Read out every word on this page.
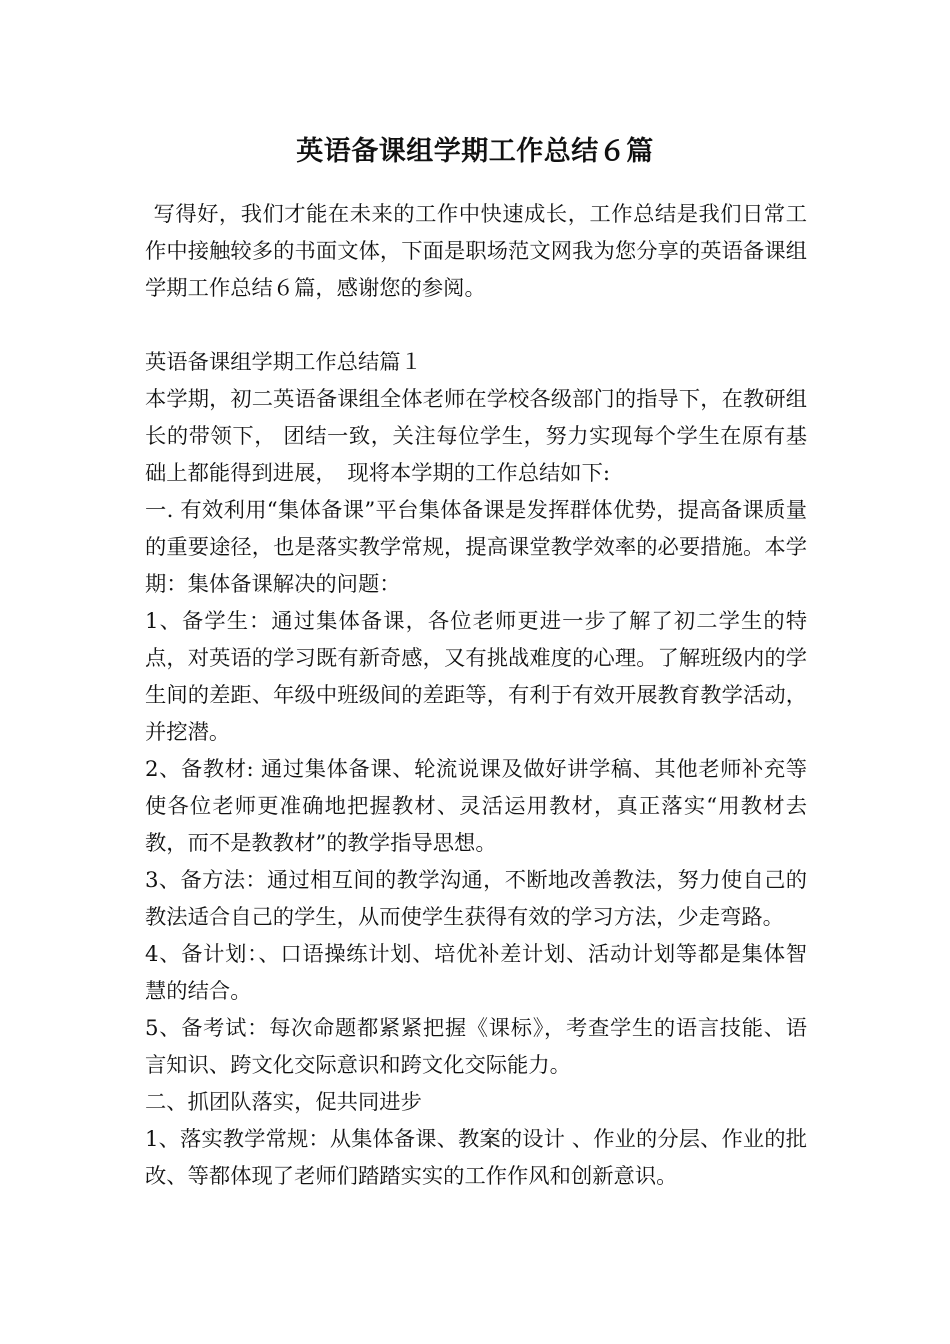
英语备课组学期工作总结６篇

写得好，我们才能在未来的工作中快速成长，工作总结是我们日常工作中接触较多的书面文体，下面是职场范文网我为您分享的英语备课组学期工作总结６篇，感谢您的参阅。

英语备课组学期工作总结篇１

本学期，初二英语备课组全体老师在学校各级部门的指导下，在教研组长的带领下， 团结一致，关注每位学生，努力实现每个学生在原有基础上都能得到进展，　现将本学期的工作总结如下:

一. 有效利用“集体备课”平台集体备课是发挥群体优势，提高备课质量的重要途径，也是落实教学常规，提高课堂教学效率的必要措施。本学期：集体备课解决的问题：

1、备学生：通过集体备课，各位老师更进一步了解了初二学生的特点，对英语的学习既有新奇感，又有挑战难度的心理。了解班级内的学生间的差距、年级中班级间的差距等，有利于有效开展教育教学活动，并挖潜。

2、备教材: 通过集体备课、轮流说课及做好讲学稿、其他老师补充等使各位老师更准确地把握教材、灵活运用教材，真正落实“用教材去教，而不是教教材”的教学指导思想。

3、备方法：通过相互间的教学沟通，不断地改善教法，努力使自己的教法适合自己的学生，从而使学生获得有效的学习方法，少走弯路。

4、备计划：、口语操练计划、培优补差计划、活动计划等都是集体智慧的结合。

5、备考试：每次命题都紧紧把握《课标》，考查学生的语言技能、语言知识、跨文化交际意识和跨文化交际能力。

二、抓团队落实，促共同进步

1、落实教学常规：从集体备课、教案的设计 、作业的分层、作业的批改、等都体现了老师们踏踏实实的工作作风和创新意识。
